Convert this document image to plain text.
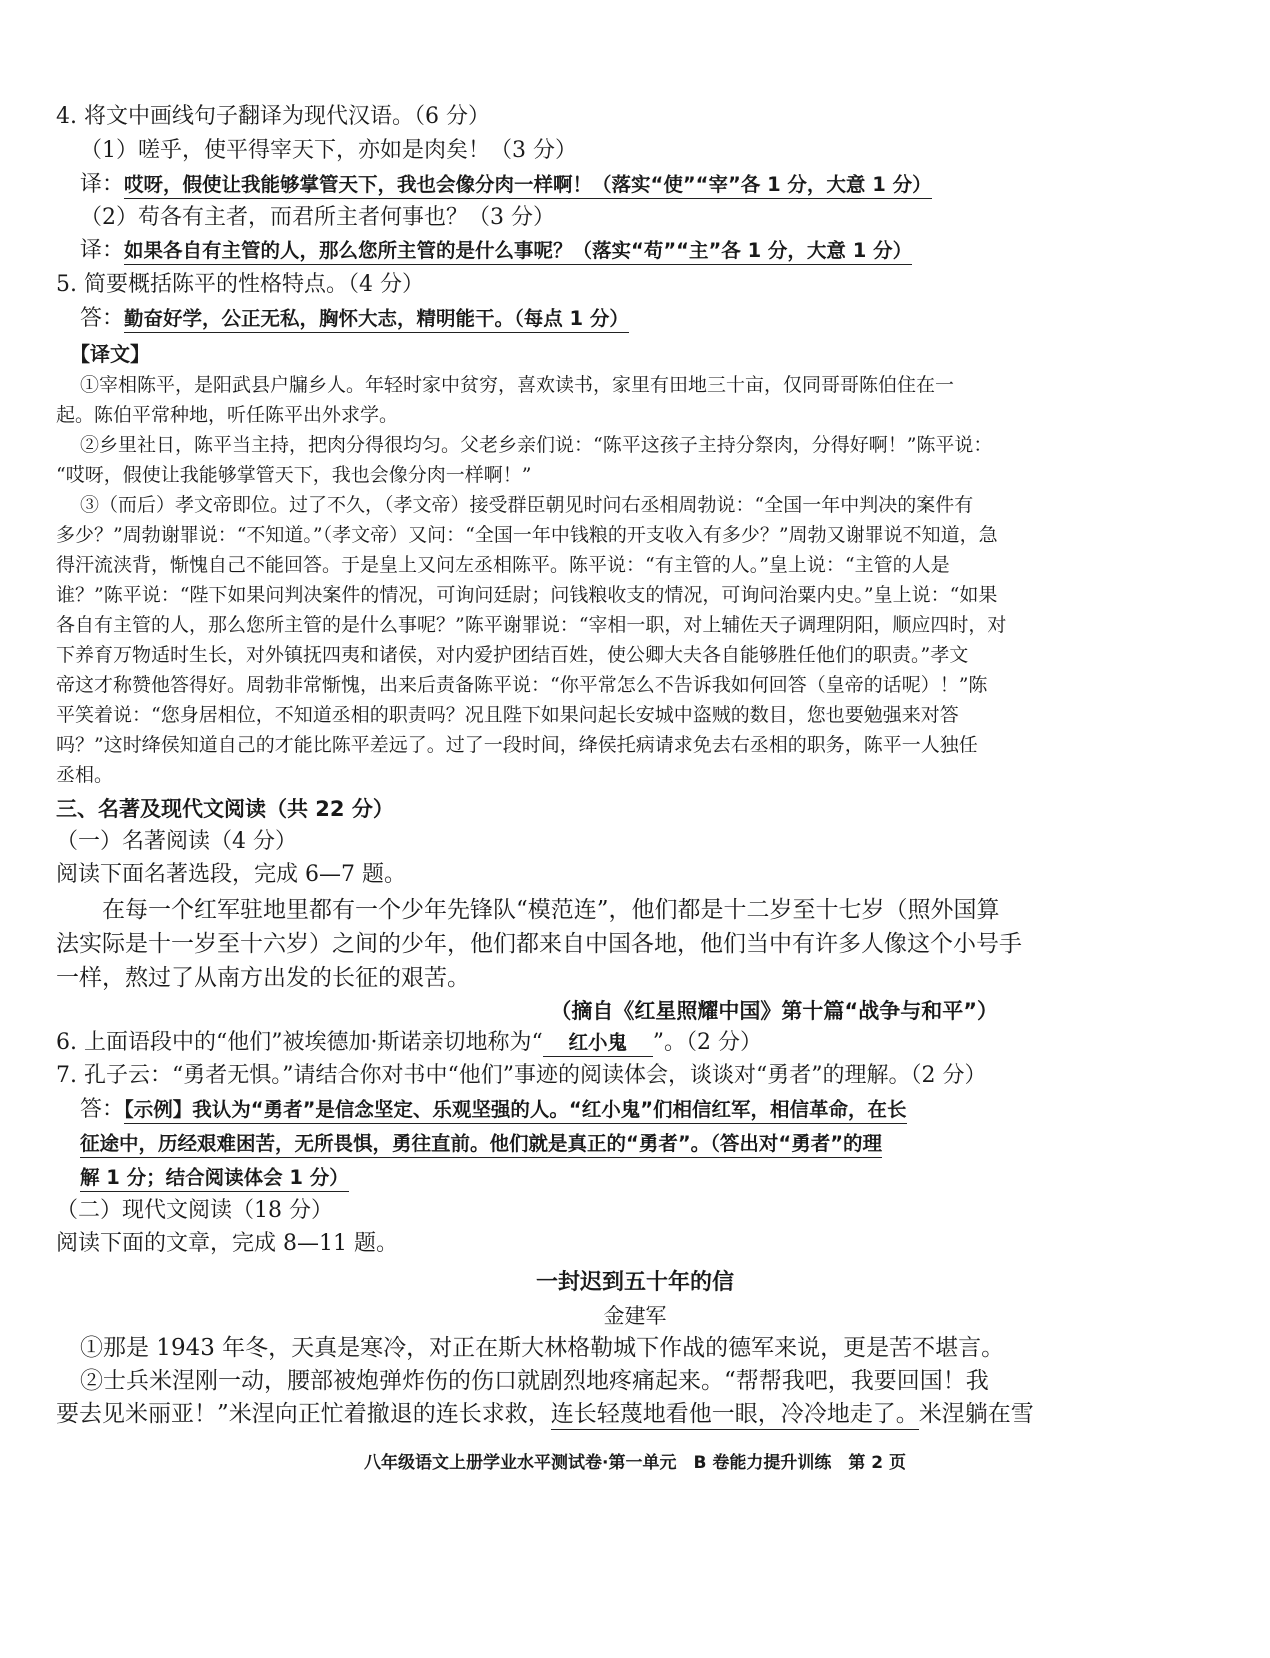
4. 将文中画线句子翻译为现代汉语。（6 分）
（1）嗟乎，使平得宰天下，亦如是肉矣！（3 分）
译：哎呀，假使让我能够掌管天下，我也会像分肉一样啊！（落实“使”“宰”各 1 分，大意 1 分）
（2）苟各有主者，而君所主者何事也？（3 分）
译：如果各自有主管的人，那么您所主管的是什么事呢？（落实“苟”“主”各 1 分，大意 1 分）
5. 简要概括陈平的性格特点。（4 分）
答：勤奋好学，公正无私，胸怀大志，精明能干。（每点 1 分）
【译文】
①宰相陈平，是阳武县户牖乡人。年轻时家中贫穷，喜欢读书，家里有田地三十亩，仅同哥哥陈伯住在一
起。陈伯平常种地，听任陈平出外求学。
②乡里社日，陈平当主持，把肉分得很均匀。父老乡亲们说：“陈平这孩子主持分祭肉，分得好啊！”陈平说：
“哎呀，假使让我能够掌管天下，我也会像分肉一样啊！”
③（而后）孝文帝即位。过了不久，（孝文帝）接受群臣朝见时问右丞相周勃说：“全国一年中判决的案件有
多少？”周勃谢罪说：“不知道。”（孝文帝）又问：“全国一年中钱粮的开支收入有多少？”周勃又谢罪说不知道，急
得汗流浃背，惭愧自己不能回答。于是皇上又问左丞相陈平。陈平说：“有主管的人。”皇上说：“主管的人是
谁？”陈平说：“陛下如果问判决案件的情况，可询问廷尉；问钱粮收支的情况，可询问治粟内史。”皇上说：“如果
各自有主管的人，那么您所主管的是什么事呢？”陈平谢罪说：“宰相一职，对上辅佐天子调理阴阳，顺应四时，对
下养育万物适时生长，对外镇抚四夷和诸侯，对内爱护团结百姓，使公卿大夫各自能够胜任他们的职责。”孝文
帝这才称赞他答得好。周勃非常惭愧，出来后责备陈平说：“你平常怎么不告诉我如何回答（皇帝的话呢）！”陈
平笑着说：“您身居相位，不知道丞相的职责吗？况且陛下如果问起长安城中盗贼的数目，您也要勉强来对答
吗？”这时绛侯知道自己的才能比陈平差远了。过了一段时间，绛侯托病请求免去右丞相的职务，陈平一人独任
丞相。
三、名著及现代文阅读（共 22 分）
（一）名著阅读（4 分）
阅读下面名著选段，完成 6—7 题。
在每一个红军驻地里都有一个少年先锋队“模范连”，他们都是十二岁至十七岁（照外国算
法实际是十一岁至十六岁）之间的少年，他们都来自中国各地，他们当中有许多人像这个小号手
一样，熬过了从南方出发的长征的艰苦。
（摘自《红星照耀中国》第十篇“战争与和平”）
6. 上面语段中的“他们”被埃德加·斯诺亲切地称为“ 红小鬼 ”。（2 分）
7. 孔子云：“勇者无惧。”请结合你对书中“他们”事迹的阅读体会，谈谈对“勇者”的理解。（2 分）
答：【示例】我认为“勇者”是信念坚定、乐观坚强的人。“红小鬼”们相信红军，相信革命，在长
征途中，历经艰难困苦，无所畏惧，勇往直前。他们就是真正的“勇者”。（答出对“勇者”的理
解 1 分；结合阅读体会 1 分）
（二）现代文阅读（18 分）
阅读下面的文章，完成 8—11 题。
一封迟到五十年的信
金建军
①那是 1943 年冬，天真是寒冷，对正在斯大林格勒城下作战的德军来说，更是苦不堪言。
②士兵米涅刚一动，腰部被炮弹炸伤的伤口就剧烈地疼痛起来。“帮帮我吧，我要回国！我
要去见米丽亚！”米涅向正忙着撤退的连长求救，连长轻蔑地看他一眼，冷冷地走了。米涅躺在雪
八年级语文上册学业水平测试卷·第一单元　B 卷能力提升训练　第 2 页
